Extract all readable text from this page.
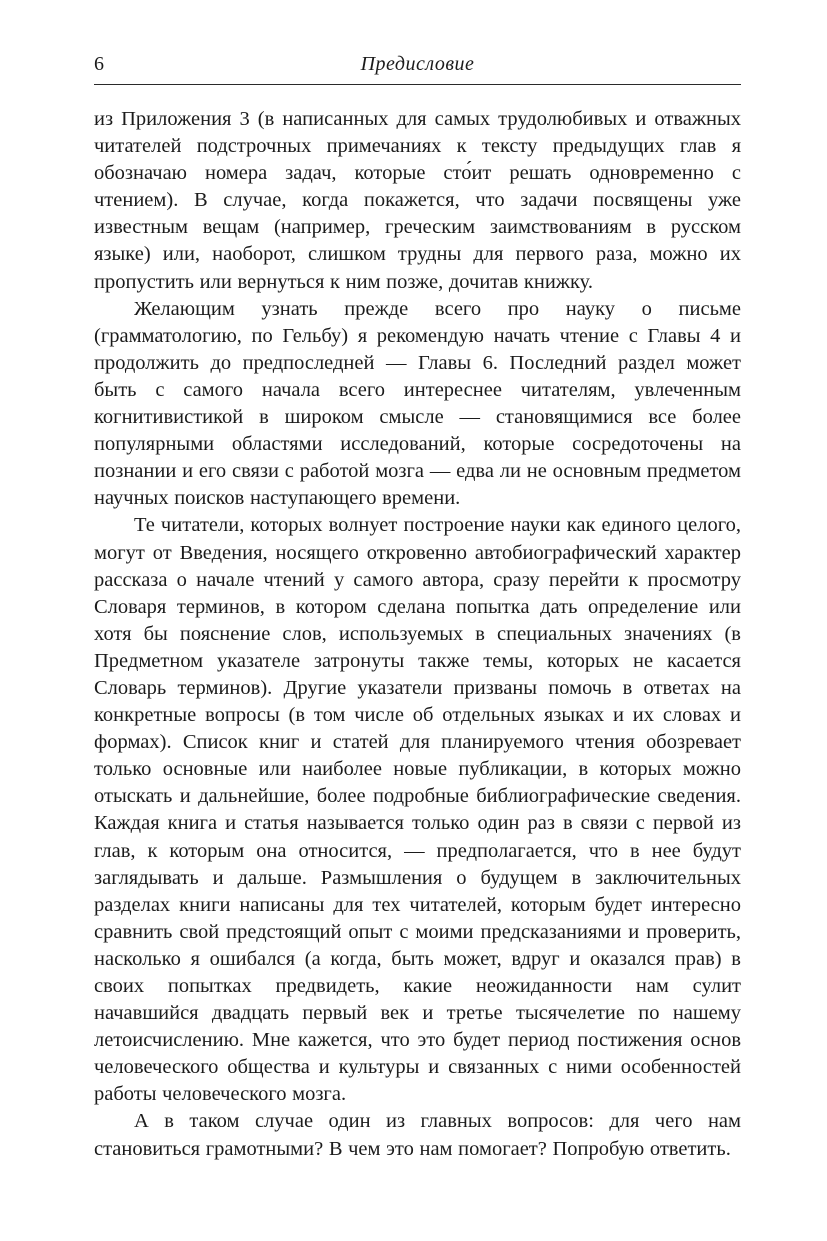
6	Предисловие

из Приложения 3 (в написанных для самых трудолюбивых и отважных читателей подстрочных примечаниях к тексту предыдущих глав я обозначаю номера задач, которые сто́ит решать одновременно с чтением). В случае, когда покажется, что задачи посвящены уже известным вещам (например, греческим заимствованиям в русском языке) или, наоборот, слишком трудны для первого раза, можно их пропустить или вернуться к ним позже, дочитав книжку.

Желающим узнать прежде всего про науку о письме (грамматологию, по Гельбу) я рекомендую начать чтение с Главы 4 и продолжить до предпоследней — Главы 6. Последний раздел может быть с самого начала всего интереснее читателям, увлеченным когнитивистикой в широком смысле — становящимися все более популярными областями исследований, которые сосредоточены на познании и его связи с работой мозга — едва ли не основным предметом научных поисков наступающего времени.

Те читатели, которых волнует построение науки как единого целого, могут от Введения, носящего откровенно автобиографический характер рассказа о начале чтений у самого автора, сразу перейти к просмотру Словаря терминов, в котором сделана попытка дать определение или хотя бы пояснение слов, используемых в специальных значениях (в Предметном указателе затронуты также темы, которых не касается Словарь терминов). Другие указатели призваны помочь в ответах на конкретные вопросы (в том числе об отдельных языках и их словах и формах). Список книг и статей для планируемого чтения обозревает только основные или наиболее новые публикации, в которых можно отыскать и дальнейшие, более подробные библиографические сведения. Каждая книга и статья называется только один раз в связи с первой из глав, к которым она относится, — предполагается, что в нее будут заглядывать и дальше. Размышления о будущем в заключительных разделах книги написаны для тех читателей, которым будет интересно сравнить свой предстоящий опыт с моими предсказаниями и проверить, насколько я ошибался (а когда, быть может, вдруг и оказался прав) в своих попытках предвидеть, какие неожиданности нам сулит начавшийся двадцать первый век и третье тысячелетие по нашему летоисчислению. Мне кажется, что это будет период постижения основ человеческого общества и культуры и связанных с ними особенностей работы человеческого мозга.

А в таком случае один из главных вопросов: для чего нам становиться грамотными? В чем это нам помогает? Попробую ответить.
